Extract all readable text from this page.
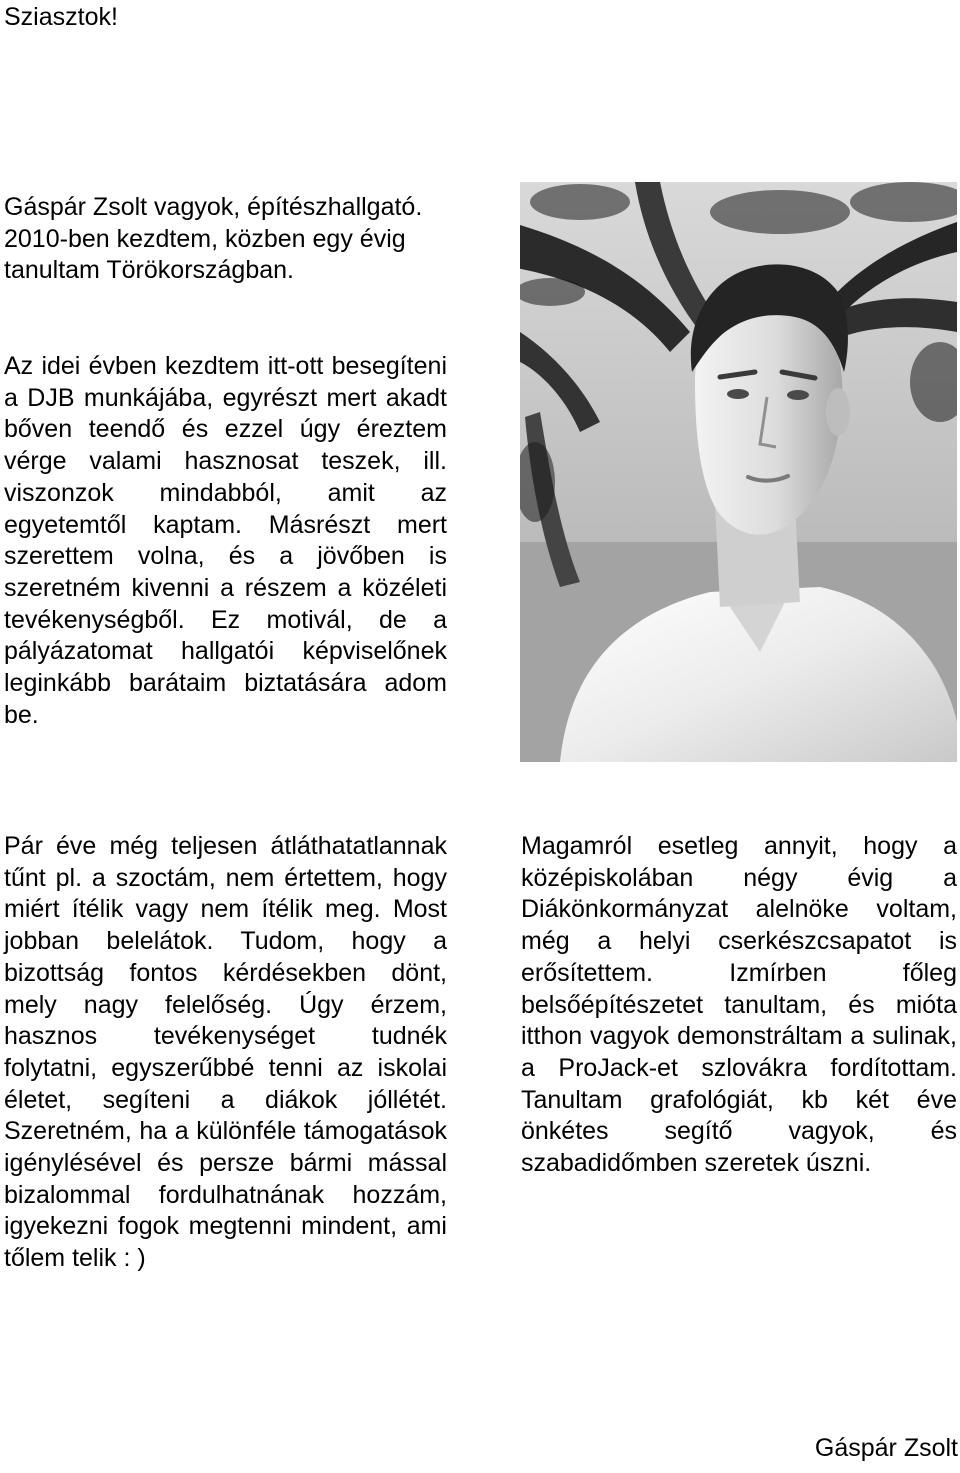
Sziasztok!

Gáspár Zsolt vagyok, építészhallgató. 2010-ben kezdtem, közben egy évig tanultam Törökországban.

Az idei évben kezdtem itt-ott besegíteni a DJB munkájába, egyrészt mert akadt bőven teendő és ezzel úgy éreztem vérge valami hasznosat teszek, ill. viszonzok mindabból, amit az egyetemtől kaptam. Másrészt mert szerettem volna, és a jövőben is szeretném kivenni a részem a közéleti tevékenységből. Ez motivál, de a pályázatomat hallgatói képviselőnek leginkább barátaim biztatására adom be.

Pár éve még teljesen átláthatatlannak tűnt pl. a szoctám, nem értettem, hogy miért ítélik vagy nem ítélik meg. Most jobban belelátok. Tudom, hogy a bizottság fontos kérdésekben dönt, mely nagy felelőség. Úgy érzem, hasznos tevékenységet tudnék folytatni, egyszerűbbé tenni az iskolai életet, segíteni a diákok jóllétét. Szeretném, ha a különféle támogatások igénylésével és persze bármi mással bizalommal fordulhatnának hozzám, igyekezni fogok megtenni mindent, ami tőlem telik : )

Magamról esetleg annyit, hogy a középiskolában négy évig a Diákönkormányzat alelnöke voltam, még a helyi cserkészcsapatot is erősítettem. Izmírben főleg belsőépítészetet tanultam, és mióta itthon vagyok demonstráltam a sulinak, a ProJack-et szlovákra fordítottam. Tanultam grafológiát, kb két éve önkétes segítő vagyok, és szabadidőmben szeretek úszni.

Gáspár Zsolt
